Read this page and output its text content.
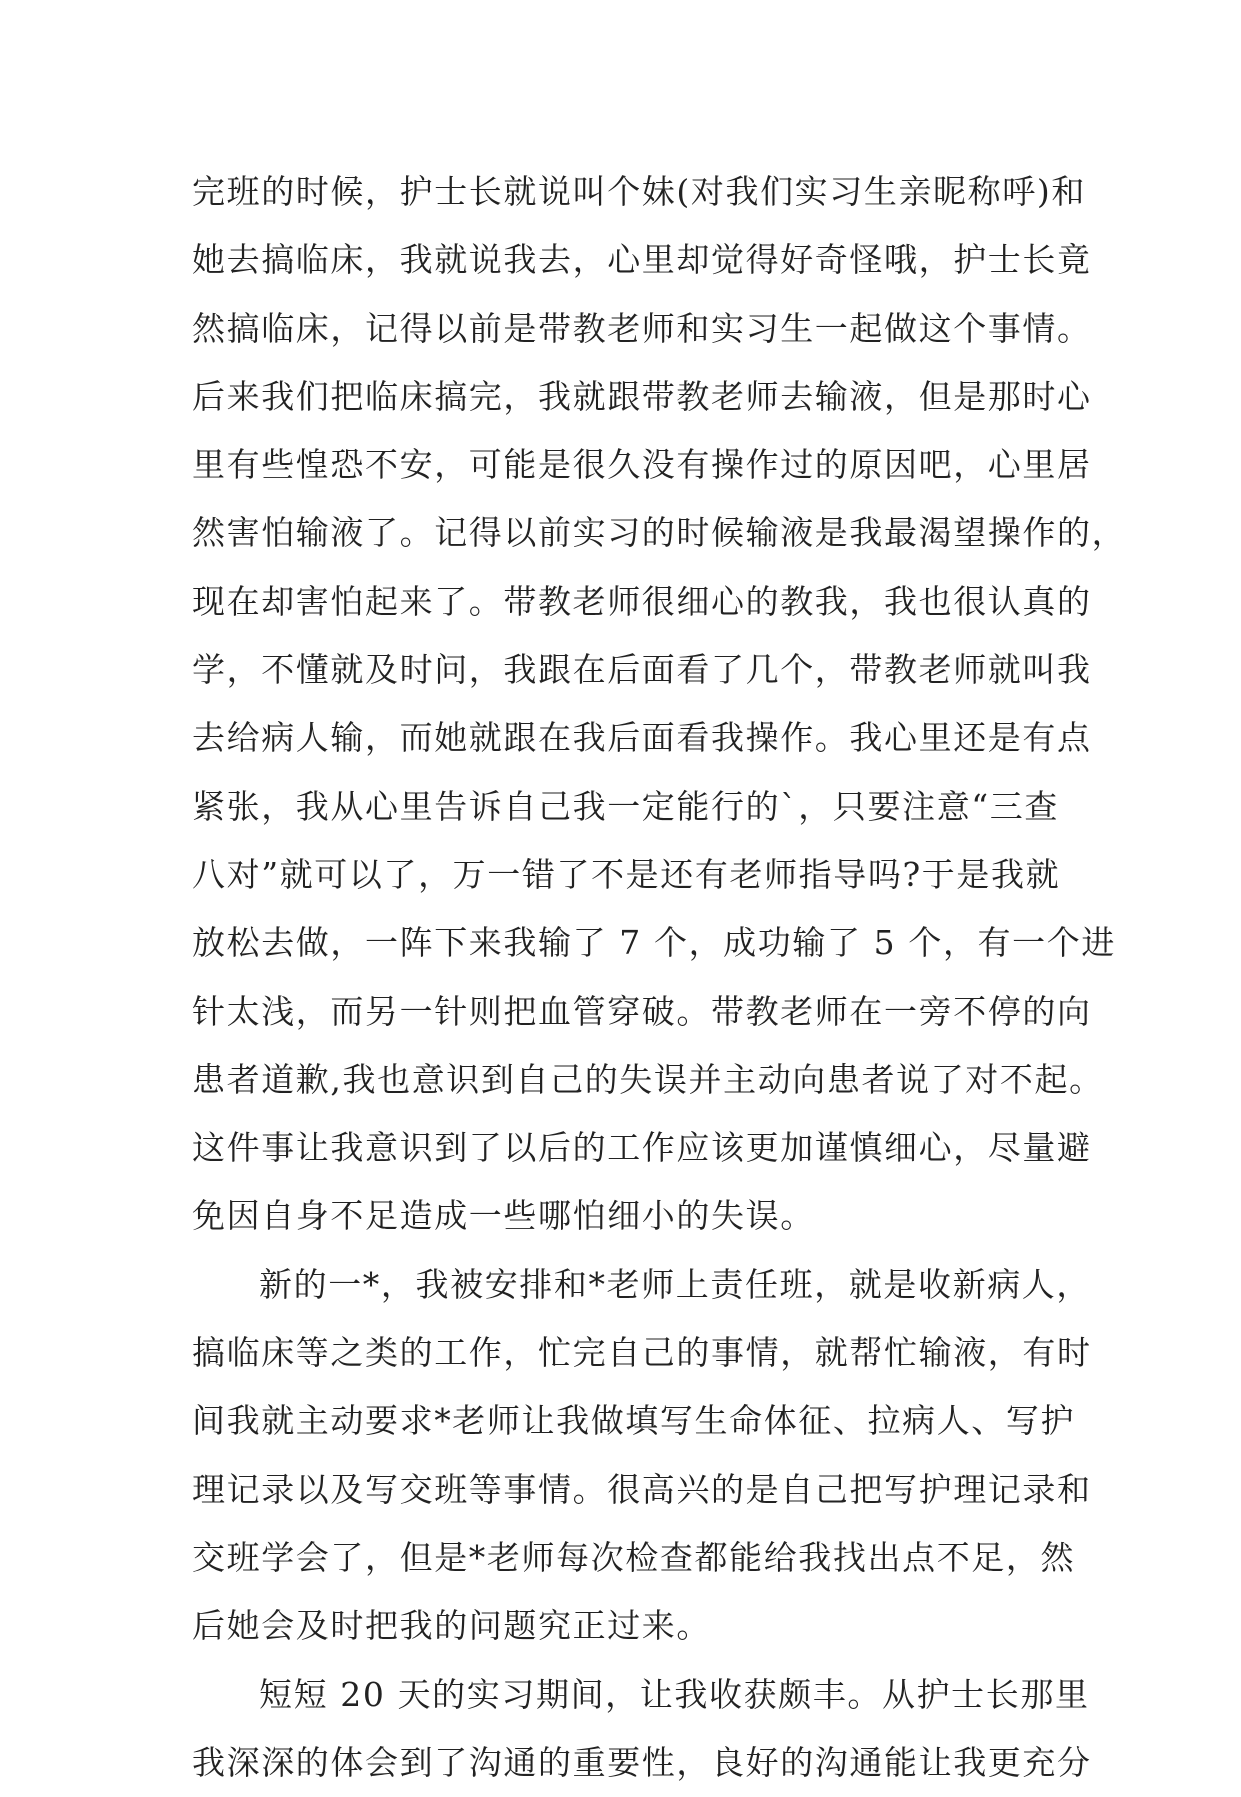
完班的时候，护士长就说叫个妹(对我们实习生亲昵称呼)和
她去搞临床，我就说我去，心里却觉得好奇怪哦，护士长竟
然搞临床，记得以前是带教老师和实习生一起做这个事情。
后来我们把临床搞完，我就跟带教老师去输液，但是那时心
里有些惶恐不安，可能是很久没有操作过的原因吧，心里居
然害怕输液了。记得以前实习的时候输液是我最渴望操作的，
现在却害怕起来了。带教老师很细心的教我，我也很认真的
学，不懂就及时问，我跟在后面看了几个，带教老师就叫我
去给病人输，而她就跟在我后面看我操作。我心里还是有点
紧张，我从心里告诉自己我一定能行的`，只要注意“三查
八对”就可以了，万一错了不是还有老师指导吗?于是我就
放松去做，一阵下来我输了 7 个，成功输了 5 个，有一个进
针太浅，而另一针则把血管穿破。带教老师在一旁不停的向
患者道歉,我也意识到自己的失误并主动向患者说了对不起。
这件事让我意识到了以后的工作应该更加谨慎细心，尽量避
免因自身不足造成一些哪怕细小的失误。
新的一*，我被安排和*老师上责任班，就是收新病人，
搞临床等之类的工作，忙完自己的事情，就帮忙输液，有时
间我就主动要求*老师让我做填写生命体征、拉病人、写护
理记录以及写交班等事情。很高兴的是自己把写护理记录和
交班学会了，但是*老师每次检查都能给我找出点不足，然
后她会及时把我的问题究正过来。
短短 20 天的实习期间，让我收获颇丰。从护士长那里
我深深的体会到了沟通的重要性，良好的沟通能让我更充分
